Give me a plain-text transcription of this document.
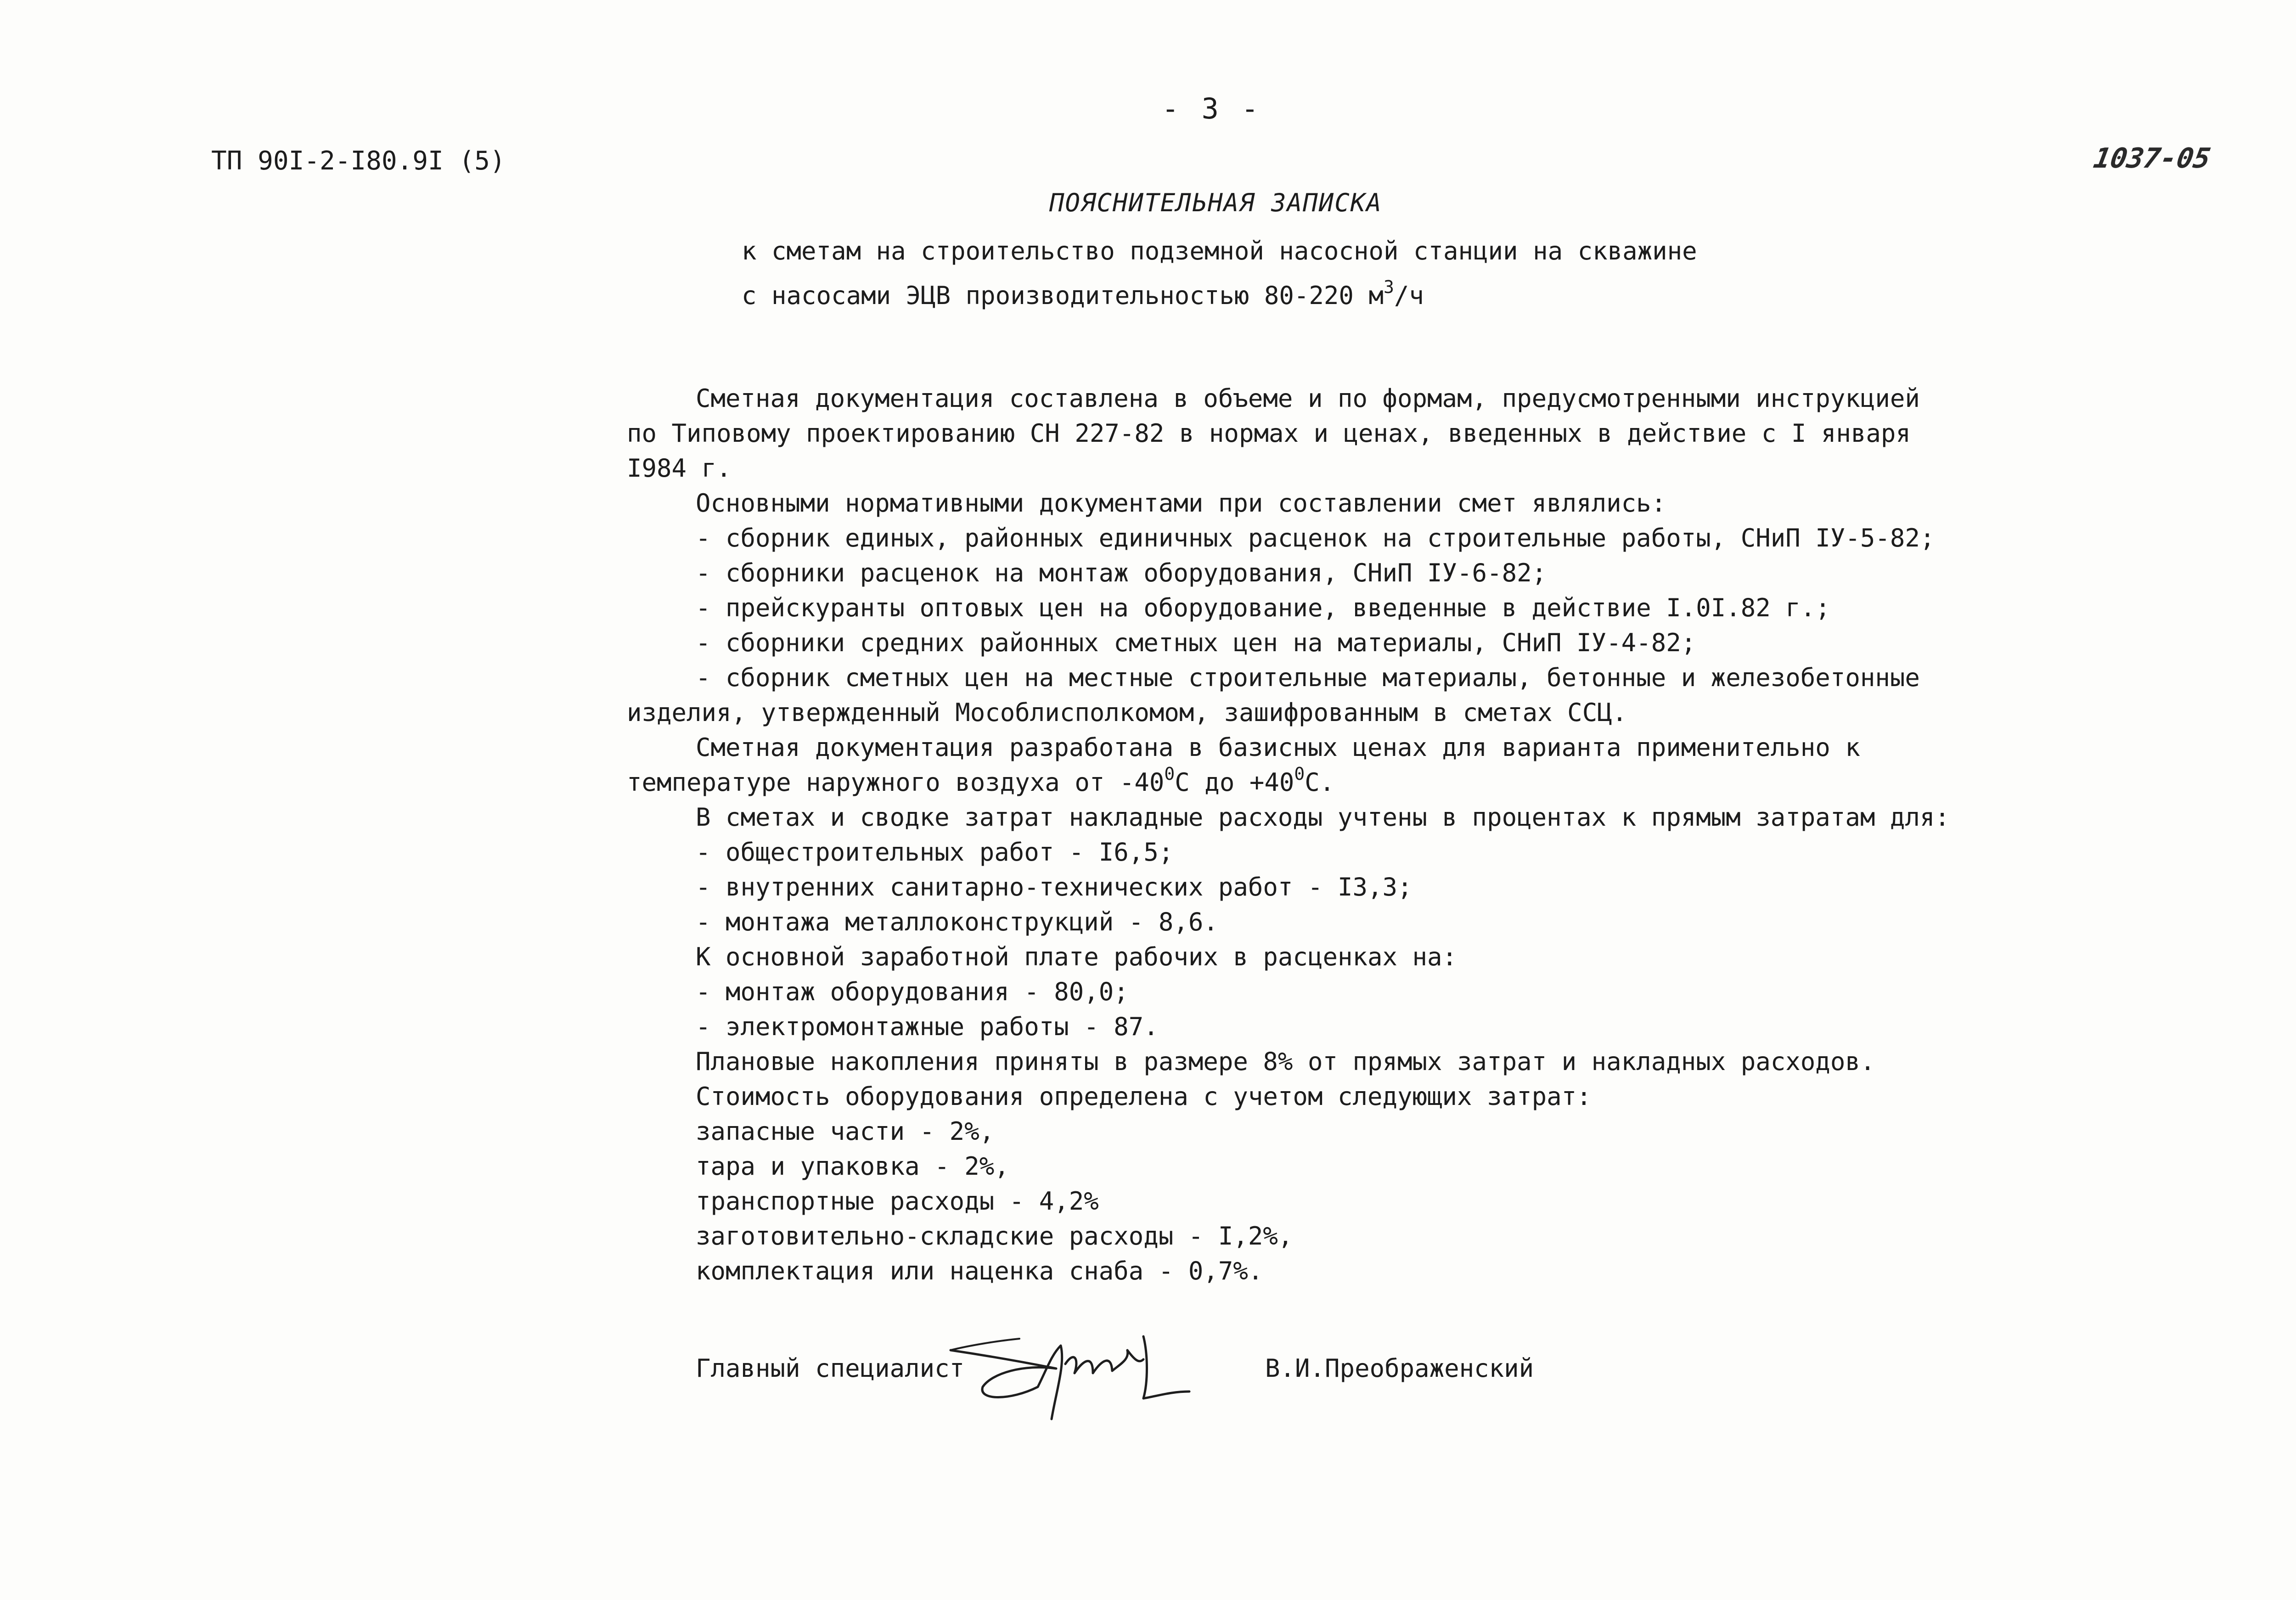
- 3 -
ТП 90I-2-I80.9I (5)	1037-05
ПОЯСНИТЕЛЬНАЯ ЗАПИСКА
к сметам на строительство подземной насосной станции на скважине
с насосами ЭЦВ производительностью 80-220 $м^3/ч$
Сметная документация составлена в объеме и по формам, предусмотренными инструкцией
по Типовому проектированию СН 227-82 в нормах и ценах, введенных в действие с I января
I984 г.
Основными нормативными документами при составлении смет являлись:
- сборник единых, районных единичных расценок на строительные работы, СНиП IУ-5-82;
- сборники расценок на монтаж оборудования, СНиП IУ-6-82;
- прейскуранты оптовых цен на оборудование, введенные в действие I.0I.82 г.;
- сборники средних районных сметных цен на материалы, СНиП IУ-4-82;
- сборник сметных цен на местные строительные материалы, бетонные и железобетонные
изделия, утвержденный Мособлисполкомом, зашифрованным в сметах ССЦ.
Сметная документация разработана в базисных ценах для варианта применительно к
температуре наружного воздуха от $-40^0С$ до $+40^0С$.
В сметах и сводке затрат накладные расходы учтены в процентах к прямым затратам для:
- общестроительных работ - I6,5;
- внутренних санитарно-технических работ - I3,3;
- монтажа металлоконструкций - 8,6.
К основной заработной плате рабочих в расценках на:
- монтаж оборудования - 80,0;
- электромонтажные работы - 87.
Плановые накопления приняты в размере 8% от прямых затрат и накладных расходов.
Стоимость оборудования определена с учетом следующих затрат:
запасные части - 2%,
тара и упаковка - 2%,
транспортные расходы - 4,2%
заготовительно-складские расходы - I,2%,
комплектация или наценка снаба - 0,7%.
Главный специалист	В.И.Преображенский
